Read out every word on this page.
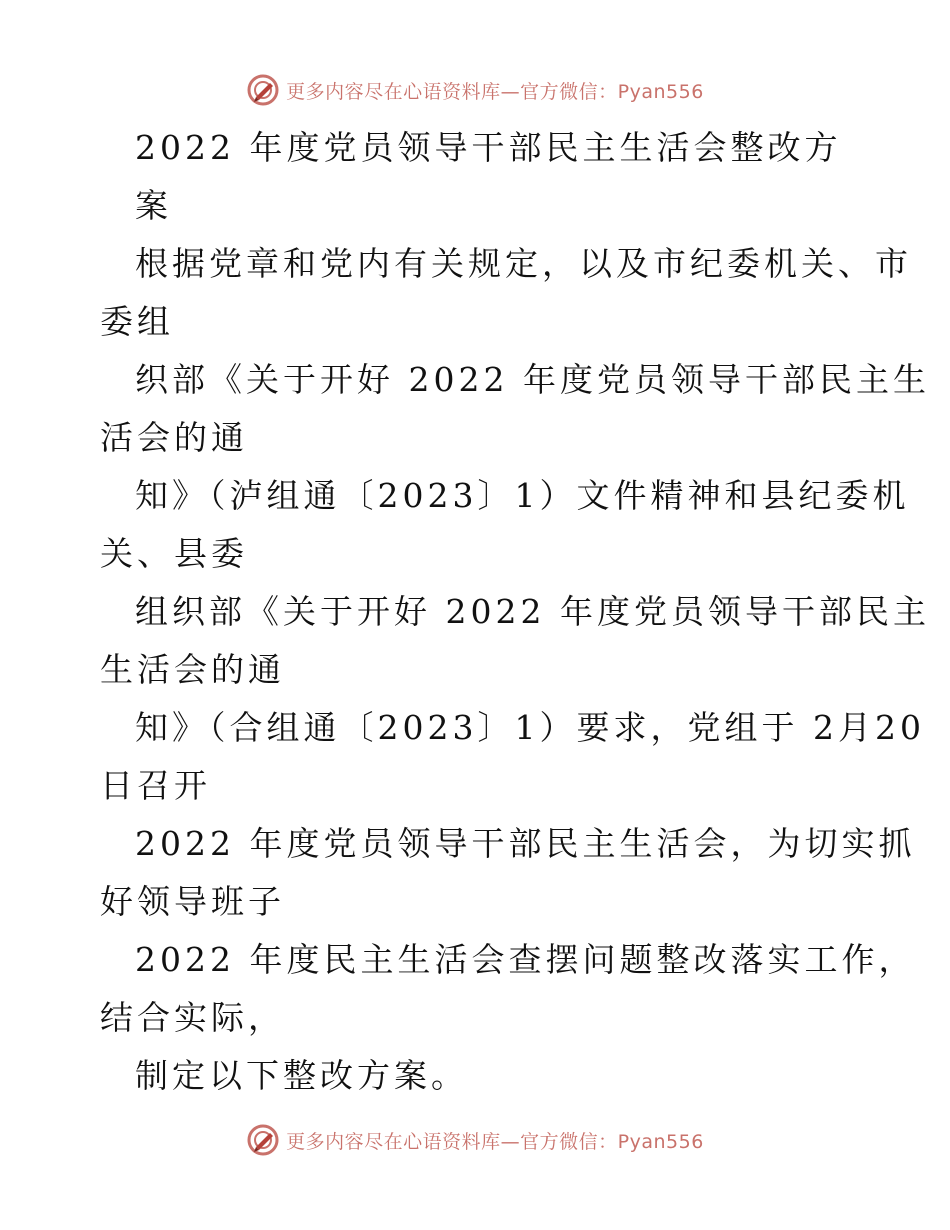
更多内容尽在心语资料库—官方微信：Pyan556
2022 年度党员领导干部民主生活会整改方
案
根据党章和党内有关规定，以及市纪委机关、市
委组
织部《关于开好 2022 年度党员领导干部民主生
活会的通
知》（泸组通〔2023〕1）文件精神和县纪委机
关、县委
组织部《关于开好 2022 年度党员领导干部民主
生活会的通
知》（合组通〔2023〕1）要求，党组于 2月20
日召开
2022 年度党员领导干部民主生活会，为切实抓
好领导班子
2022 年度民主生活会查摆问题整改落实工作，
结合实际，
制定以下整改方案。
更多内容尽在心语资料库—官方微信：Pyan556
